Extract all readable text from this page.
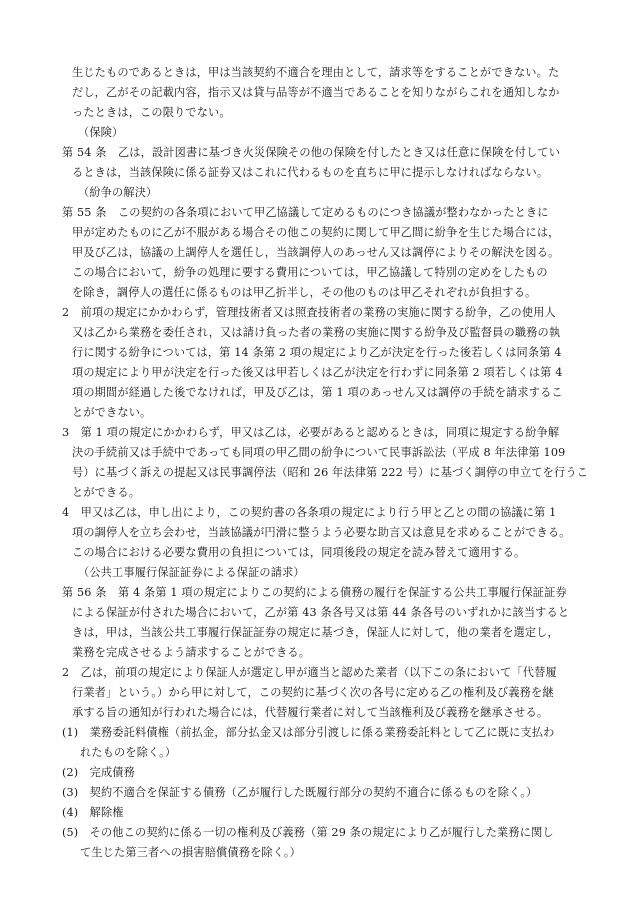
生じたものであるときは，甲は当該契約不適合を理由として，請求等をすることができない。た
だし，乙がその記載内容，指示又は貸与品等が不適当であることを知りながらこれを通知しなか
ったときは，この限りでない。
（保険）
第 54 条　乙は，設計図書に基づき火災保険その他の保険を付したとき又は任意に保険を付してい
るときは，当該保険に係る証券又はこれに代わるものを直ちに甲に提示しなければならない。
（紛争の解決）
第 55 条　この契約の各条項において甲乙協議して定めるものにつき協議が整わなかったときに
甲が定めたものに乙が不服がある場合その他この契約に関して甲乙間に紛争を生じた場合には，
甲及び乙は，協議の上調停人を選任し，当該調停人のあっせん又は調停によりその解決を図る。
この場合において，紛争の処理に要する費用については，甲乙協議して特別の定めをしたもの
を除き，調停人の選任に係るものは甲乙折半し，その他のものは甲乙それぞれが負担する。
2　前項の規定にかかわらず，管理技術者又は照査技術者の業務の実施に関する紛争，乙の使用人
又は乙から業務を委任され，又は請け負った者の業務の実施に関する紛争及び監督員の職務の執
行に関する紛争については，第 14 条第 2 項の規定により乙が決定を行った後若しくは同条第 4
項の規定により甲が決定を行った後又は甲若しくは乙が決定を行わずに同条第 2 項若しくは第 4
項の期間が経過した後でなければ，甲及び乙は，第 1 項のあっせん又は調停の手続を請求するこ
とができない。
3　第 1 項の規定にかかわらず，甲又は乙は，必要があると認めるときは，同項に規定する紛争解
決の手続前又は手続中であっても同項の甲乙間の紛争について民事訴訟法（平成 8 年法律第 109
号）に基づく訴えの提起又は民事調停法（昭和 26 年法律第 222 号）に基づく調停の申立てを行うこ
とができる。
4　甲又は乙は，申し出により，この契約書の各条項の規定により行う甲と乙との間の協議に第 1
項の調停人を立ち会わせ，当該協議が円滑に整うよう必要な助言又は意見を求めることができる。
この場合における必要な費用の負担については，同項後段の規定を読み替えて適用する。
（公共工事履行保証証券による保証の請求）
第 56 条　第 4 条第 1 項の規定によりこの契約による債務の履行を保証する公共工事履行保証証券
による保証が付された場合において，乙が第 43 条各号又は第 44 条各号のいずれかに該当すると
きは，甲は，当該公共工事履行保証証券の規定に基づき，保証人に対して，他の業者を選定し，
業務を完成させるよう請求することができる。
2　乙は，前項の規定により保証人が選定し甲が適当と認めた業者（以下この条において「代替履
行業者」という。）から甲に対して，この契約に基づく次の各号に定める乙の権利及び義務を継
承する旨の通知が行われた場合には，代替履行業者に対して当該権利及び義務を継承させる。
(1)　業務委託料債権（前払金，部分払金又は部分引渡しに係る業務委託料として乙に既に支払わ
れたものを除く。）
(2)　完成債務
(3)　契約不適合を保証する債務（乙が履行した既履行部分の契約不適合に係るものを除く。）
(4)　解除権
(5)　その他この契約に係る一切の権利及び義務（第 29 条の規定により乙が履行した業務に関し
て生じた第三者への損害賠償債務を除く。）
